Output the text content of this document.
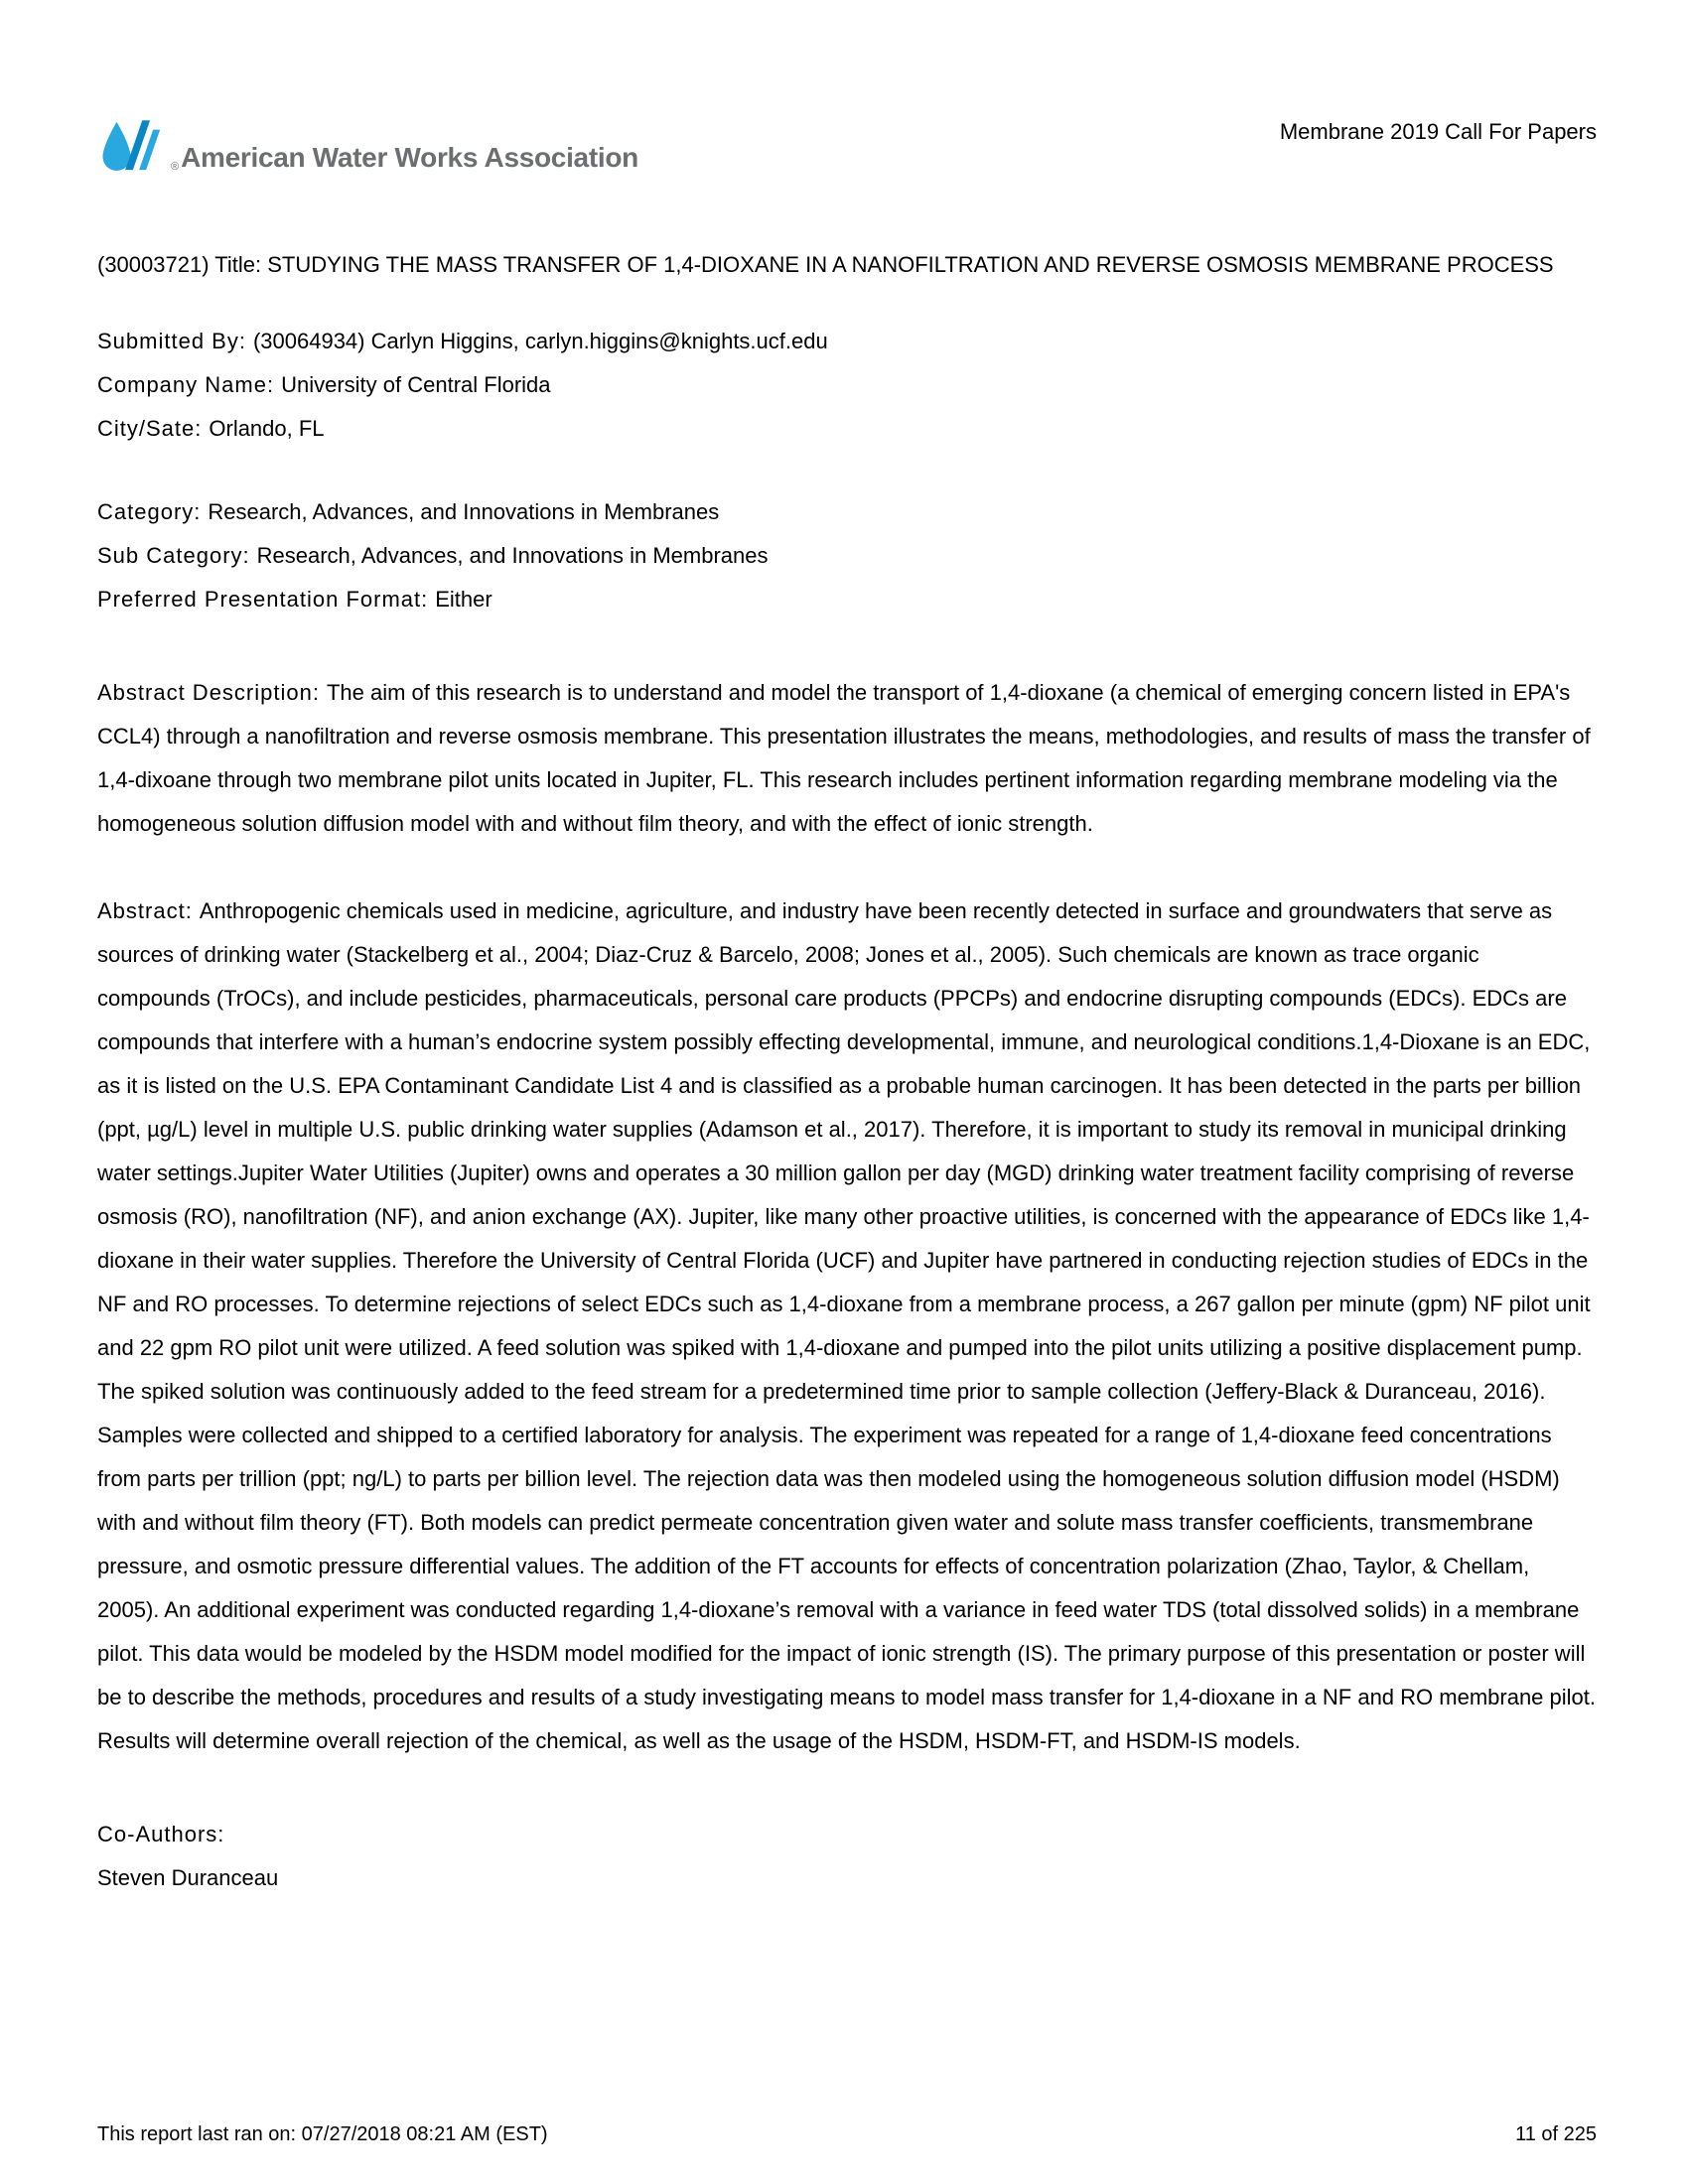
® American Water Works Association
Membrane 2019 Call For Papers

(30003721) Title: STUDYING THE MASS TRANSFER OF 1,4-DIOXANE IN A NANOFILTRATION AND REVERSE OSMOSIS MEMBRANE PROCESS

Submitted By: (30064934) Carlyn Higgins, carlyn.higgins@knights.ucf.edu

Company Name: University of Central Florida

City/Sate: Orlando, FL

Category: Research, Advances, and Innovations in Membranes

Sub Category: Research, Advances, and Innovations in Membranes

Preferred Presentation Format: Either

Abstract Description: The aim of this research is to understand and model the transport of 1,4-dioxane (a chemical of emerging concern listed in EPA's CCL4) through a nanofiltration and reverse osmosis membrane. This presentation illustrates the means, methodologies, and results of mass the transfer of 1,4-dixoane through two membrane pilot units located in Jupiter, FL. This research includes pertinent information regarding membrane modeling via the homogeneous solution diffusion model with and without film theory, and with the effect of ionic strength.

Abstract: Anthropogenic chemicals used in medicine, agriculture, and industry have been recently detected in surface and groundwaters that serve as sources of drinking water (Stackelberg et al., 2004; Diaz-Cruz & Barcelo, 2008; Jones et al., 2005). Such chemicals are known as trace organic compounds (TrOCs), and include pesticides, pharmaceuticals, personal care products (PPCPs) and endocrine disrupting compounds (EDCs). EDCs are compounds that interfere with a human’s endocrine system possibly effecting developmental, immune, and neurological conditions.1,4-Dioxane is an EDC, as it is listed on the U.S. EPA Contaminant Candidate List 4 and is classified as a probable human carcinogen. It has been detected in the parts per billion (ppt, µg/L) level in multiple U.S. public drinking water supplies (Adamson et al., 2017). Therefore, it is important to study its removal in municipal drinking water settings.Jupiter Water Utilities (Jupiter) owns and operates a 30 million gallon per day (MGD) drinking water treatment facility comprising of reverse osmosis (RO), nanofiltration (NF), and anion exchange (AX). Jupiter, like many other proactive utilities, is concerned with the appearance of EDCs like 1,4-dioxane in their water supplies. Therefore the University of Central Florida (UCF) and Jupiter have partnered in conducting rejection studies of EDCs in the NF and RO processes. To determine rejections of select EDCs such as 1,4-dioxane from a membrane process, a 267 gallon per minute (gpm) NF pilot unit and 22 gpm RO pilot unit were utilized. A feed solution was spiked with 1,4-dioxane and pumped into the pilot units utilizing a positive displacement pump. The spiked solution was continuously added to the feed stream for a predetermined time prior to sample collection (Jeffery-Black & Duranceau, 2016). Samples were collected and shipped to a certified laboratory for analysis. The experiment was repeated for a range of 1,4-dioxane feed concentrations from parts per trillion (ppt; ng/L) to parts per billion level. The rejection data was then modeled using the homogeneous solution diffusion model (HSDM) with and without film theory (FT). Both models can predict permeate concentration given water and solute mass transfer coefficients, transmembrane pressure, and osmotic pressure differential values. The addition of the FT accounts for effects of concentration polarization (Zhao, Taylor, & Chellam, 2005). An additional experiment was conducted regarding 1,4-dioxane’s removal with a variance in feed water TDS (total dissolved solids) in a membrane pilot. This data would be modeled by the HSDM model modified for the impact of ionic strength (IS). The primary purpose of this presentation or poster will be to describe the methods, procedures and results of a study investigating means to model mass transfer for 1,4-dioxane in a NF and RO membrane pilot. Results will determine overall rejection of the chemical, as well as the usage of the HSDM, HSDM-FT, and HSDM-IS models.

Co-Authors:

Steven Duranceau

This report last ran on: 07/27/2018 08:21 AM (EST)	11 of 225
